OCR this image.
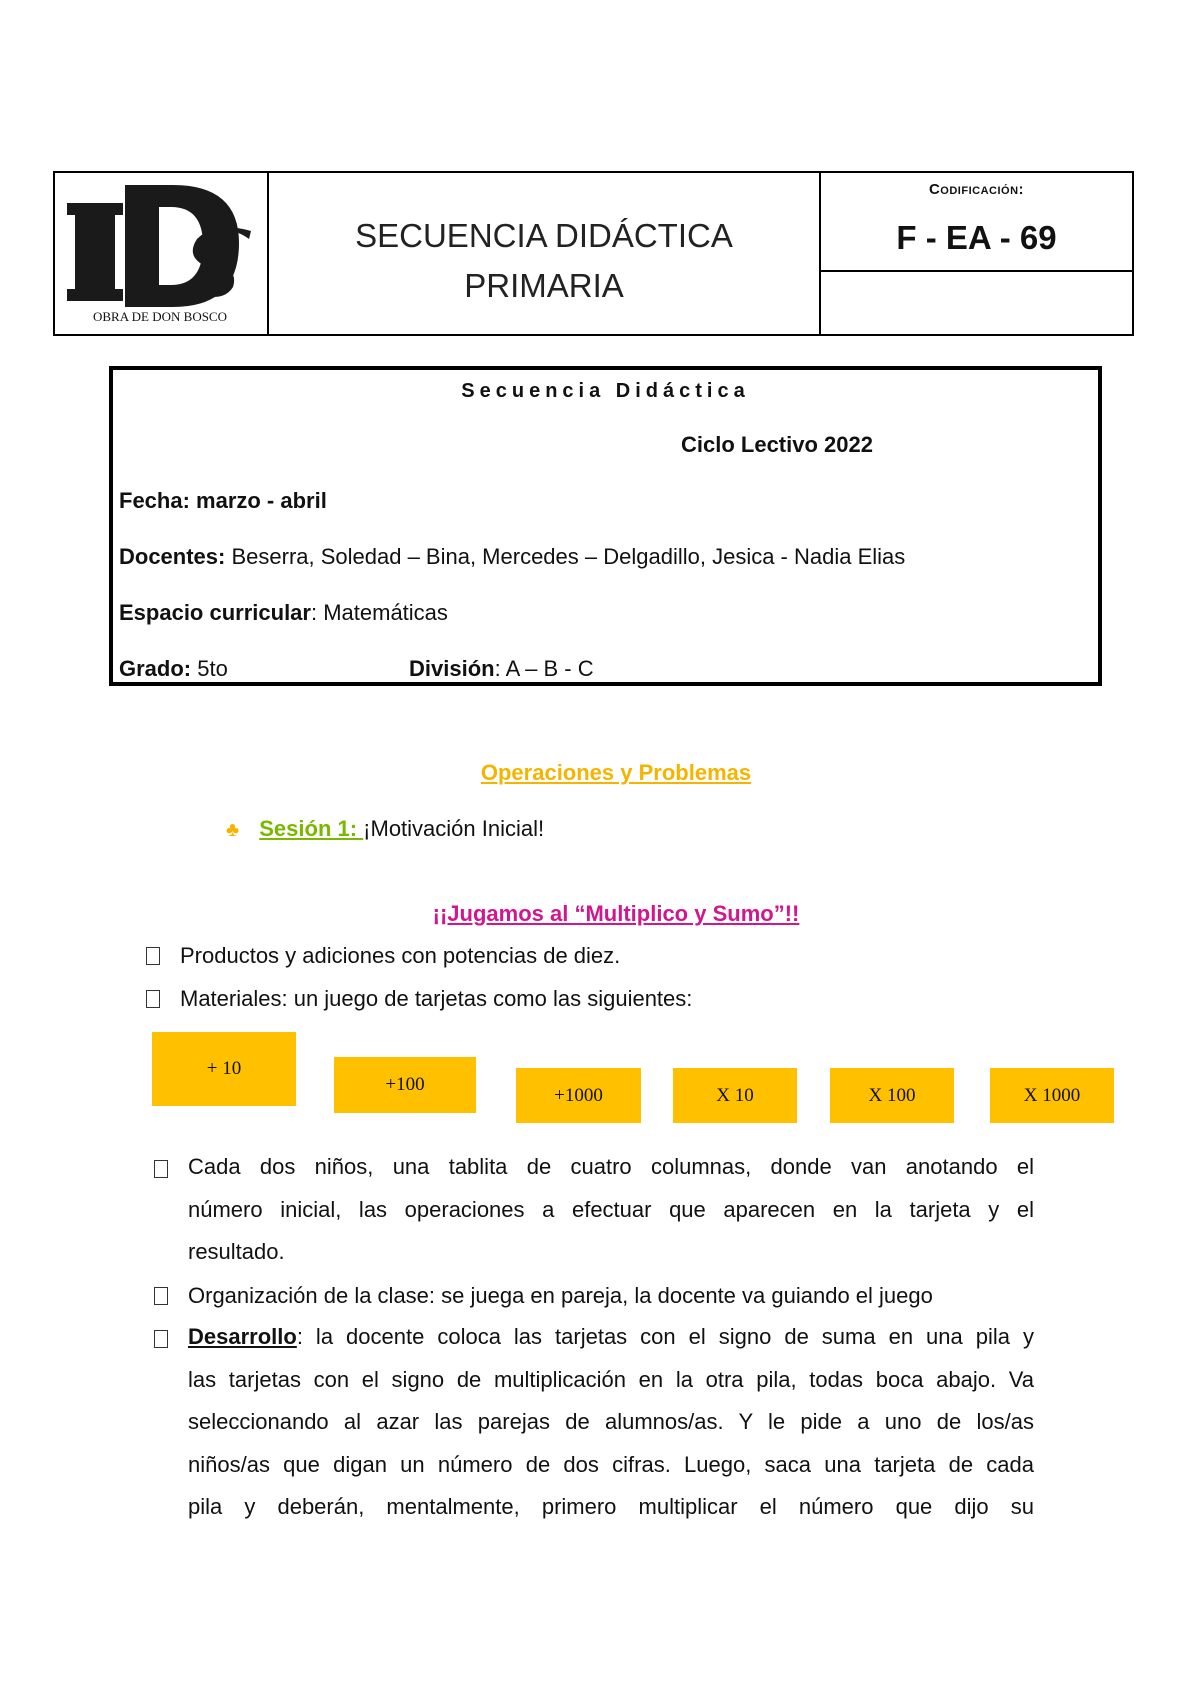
OBRA DE DON BOSCO
SECUENCIA DIDÁCTICA
PRIMARIA
Codificación:
F - EA - 69
Secuencia Didáctica
Ciclo Lectivo 2022
Fecha: marzo - abril
Docentes: Beserra, Soledad – Bina, Mercedes – Delgadillo, Jesica - Nadia Elias
Espacio curricular: Matemáticas
Grado: 5to	División: A – B - C
Operaciones y Problemas
♣ Sesión 1: ¡Motivación Inicial!
¡¡Jugamos al “Multiplico y Sumo”!!
Productos y adiciones con potencias de diez.
Materiales: un juego de tarjetas como las siguientes:
+ 10
+100	+1000	X 10	X 100	X 1000
Cada dos niños, una tablita de cuatro columnas, donde van anotando el
número inicial, las operaciones a efectuar que aparecen en la tarjeta y el
resultado.
Organización de la clase: se juega en pareja, la docente va guiando el juego
Desarrollo: la docente coloca las tarjetas con el signo de suma en una pila y
las tarjetas con el signo de multiplicación en la otra pila, todas boca abajo. Va
seleccionando al azar las parejas de alumnos/as. Y le pide a uno de los/as
niños/as que digan un número de dos cifras. Luego, saca una tarjeta de cada
pila y deberán, mentalmente, primero multiplicar el número que dijo su
